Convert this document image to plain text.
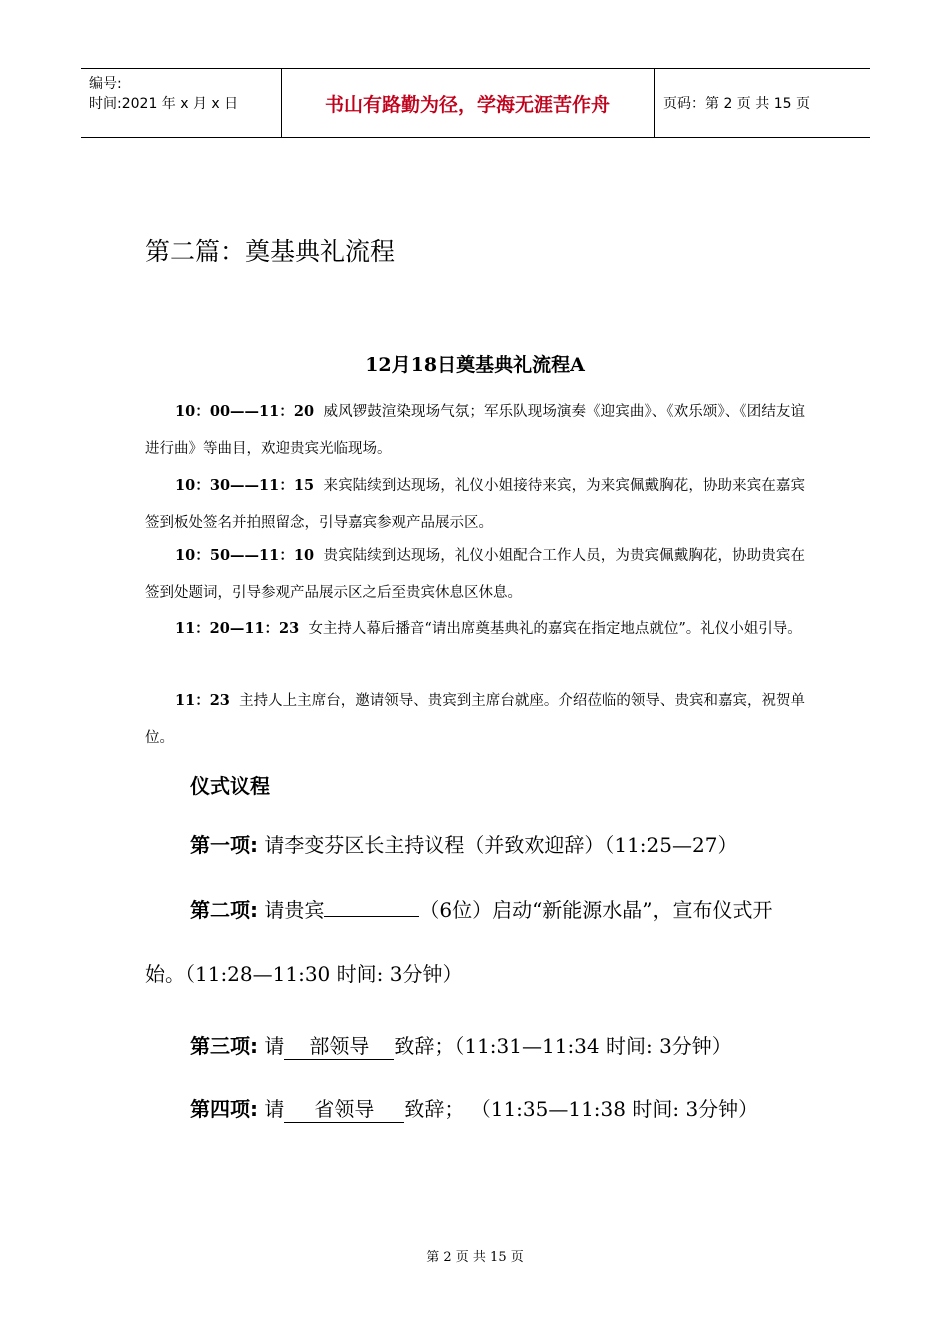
编号:
时间:2021 年 x 月 x 日	书山有路勤为径，学海无涯苦作舟	页码：第 2 页 共 15 页
第二篇：奠基典礼流程
12月18日奠基典礼流程A
10：00——11：20 威风锣鼓渲染现场气氛；军乐队现场演奏《迎宾曲》、《欢乐颂》、《团结友谊进行曲》等曲目，欢迎贵宾光临现场。
10：30——11：15 来宾陆续到达现场，礼仪小姐接待来宾，为来宾佩戴胸花，协助来宾在嘉宾签到板处签名并拍照留念，引导嘉宾参观产品展示区。
10：50——11：10 贵宾陆续到达现场，礼仪小姐配合工作人员，为贵宾佩戴胸花，协助贵宾在签到处题词，引导参观产品展示区之后至贵宾休息区休息。
11：20—11：23 女主持人幕后播音“请出席奠基典礼的嘉宾在指定地点就位”。礼仪小姐引导。
11：23 主持人上主席台，邀请领导、贵宾到主席台就座。介绍莅临的领导、贵宾和嘉宾，祝贺单位。
仪式议程
第一项: 请李变芬区长主持议程（并致欢迎辞）（11:25—27）
第二项: 请贵宾	（6位）启动“新能源水晶”，宣布仪式开始。（11:28—11:30 时间: 3分钟）
第三项: 请 部领导 致辞；（11:31—11:34 时间: 3分钟）
第四项: 请 省领导 致辞； （11:35—11:38 时间: 3分钟）
第 2 页 共 15 页
